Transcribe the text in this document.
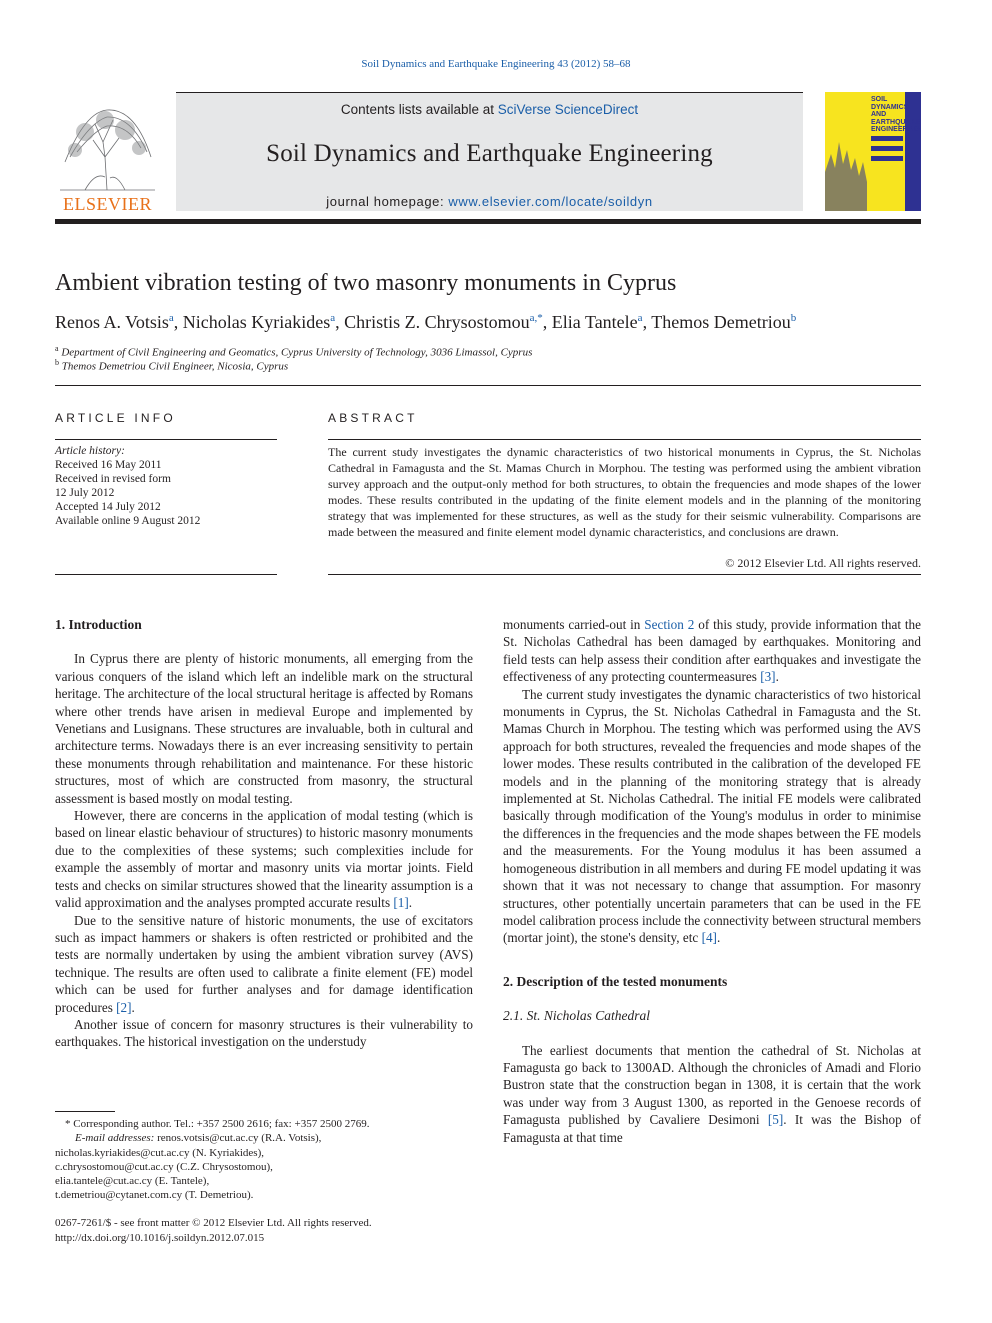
Soil Dynamics and Earthquake Engineering 43 (2012) 58–68
ELSEVIER
Contents lists available at SciVerse ScienceDirect
Soil Dynamics and Earthquake Engineering
journal homepage: www.elsevier.com/locate/soildyn
SOIL
DYNAMICS
AND
EARTHQUAKE
ENGINEERING
Ambient vibration testing of two masonry monuments in Cyprus
Renos A. Votsis$^a$, Nicholas Kyriakides$^a$, Christis Z. Chrysostomou$^{a,*}$, Elia Tantele$^a$, Themos Demetriou$^b$
$^a$ Department of Civil Engineering and Geomatics, Cyprus University of Technology, 3036 Limassol, Cyprus
$^b$ Themos Demetriou Civil Engineer, Nicosia, Cyprus
ARTICLE INFO
Article history:
Received 16 May 2011
Received in revised form
12 July 2012
Accepted 14 July 2012
Available online 9 August 2012
ABSTRACT
The current study investigates the dynamic characteristics of two historical monuments in Cyprus, the St. Nicholas Cathedral in Famagusta and the St. Mamas Church in Morphou. The testing was performed using the ambient vibration survey approach and the output-only method for both structures, to obtain the frequencies and mode shapes of the lower modes. These results contributed in the updating of the finite element models and in the planning of the monitoring strategy that was implemented for these structures, as well as the study for their seismic vulnerability. Comparisons are made between the measured and finite element model dynamic characteristics, and conclusions are drawn.
© 2012 Elsevier Ltd. All rights reserved.
1. Introduction

In Cyprus there are plenty of historic monuments, all emerging from the various conquers of the island which left an indelible mark on the structural heritage. The architecture of the local structural heritage is affected by Romans where other trends have arisen in medieval Europe and implemented by Venetians and Lusignans. These structures are invaluable, both in cultural and architecture terms. Nowadays there is an ever increasing sensitivity to pertain these monuments through rehabilitation and maintenance. For these historic structures, most of which are constructed from masonry, the structural assessment is based mostly on modal testing.

However, there are concerns in the application of modal testing (which is based on linear elastic behaviour of structures) to historic masonry monuments due to the complexities of these systems; such complexities include for example the assembly of mortar and masonry units via mortar joints. Field tests and checks on similar structures showed that the linearity assumption is a valid approximation and the analyses prompted accurate results [1].

Due to the sensitive nature of historic monuments, the use of excitators such as impact hammers or shakers is often restricted or prohibited and the tests are normally undertaken by using the ambient vibration survey (AVS) technique. The results are often used to calibrate a finite element (FE) model which can be used for further analyses and for damage identification procedures [2].

Another issue of concern for masonry structures is their vulnerability to earthquakes. The historical investigation on the understudy

* Corresponding author. Tel.: +357 2500 2616; fax: +357 2500 2769.
E-mail addresses: renos.votsis@cut.ac.cy (R.A. Votsis),
nicholas.kyriakides@cut.ac.cy (N. Kyriakides),
c.chrysostomou@cut.ac.cy (C.Z. Chrysostomou),
elia.tantele@cut.ac.cy (E. Tantele),
t.demetriou@cytanet.com.cy (T. Demetriou).
0267-7261/$ - see front matter © 2012 Elsevier Ltd. All rights reserved.
http://dx.doi.org/10.1016/j.soildyn.2012.07.015

monuments carried-out in Section 2 of this study, provide information that the St. Nicholas Cathedral has been damaged by earthquakes. Monitoring and field tests can help assess their condition after earthquakes and investigate the effectiveness of any protecting countermeasures [3].

The current study investigates the dynamic characteristics of two historical monuments in Cyprus, the St. Nicholas Cathedral in Famagusta and the St. Mamas Church in Morphou. The testing which was performed using the AVS approach for both structures, revealed the frequencies and mode shapes of the lower modes. These results contributed in the calibration of the developed FE models and in the planning of the monitoring strategy that is already implemented at St. Nicholas Cathedral. The initial FE models were calibrated basically through modification of the Young's modulus in order to minimise the differences in the frequencies and the mode shapes between the FE models and the measurements. For the Young modulus it has been assumed a homogeneous distribution in all members and during FE model updating it was shown that it was not necessary to change that assumption. For masonry structures, other potentially uncertain parameters that can be used in the FE model calibration process include the connectivity between structural members (mortar joint), the stone's density, etc [4].

2. Description of the tested monuments
2.1. St. Nicholas Cathedral

The earliest documents that mention the cathedral of St. Nicholas at Famagusta go back to 1300AD. Although the chronicles of Amadi and Florio Bustron state that the construction began in 1308, it is certain that the work was under way from 3 August 1300, as reported in the Genoese records of Famagusta published by Cavaliere Desimoni [5]. It was the Bishop of Famagusta at that time
